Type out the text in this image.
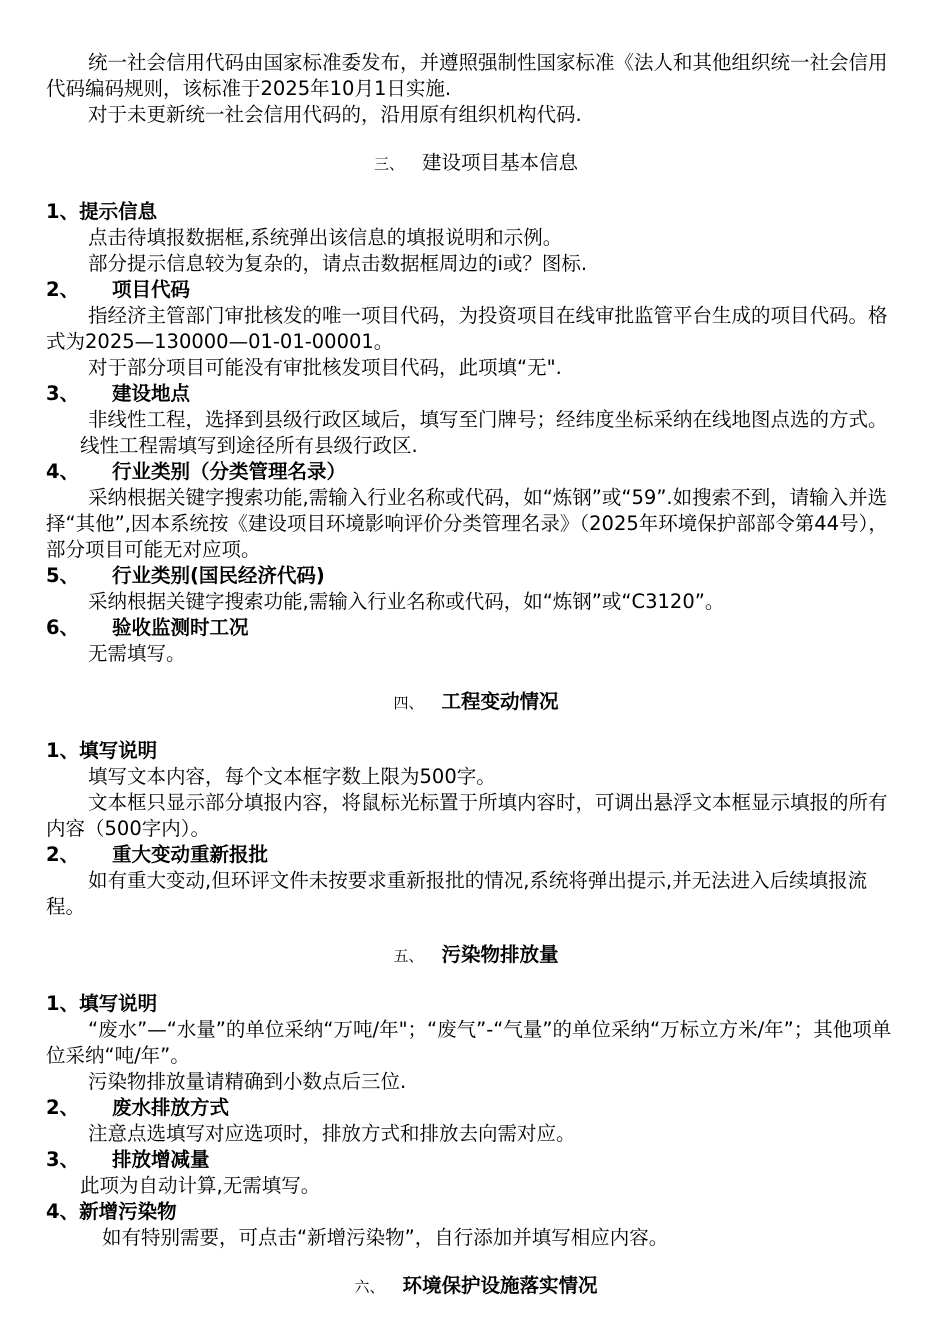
统一社会信用代码由国家标准委发布，并遵照强制性国家标准《法人和其他组织统一社会信用代码编码规则，该标准于2025年10月1日实施.

对于未更新统一社会信用代码的，沿用原有组织机构代码.

三、 建设项目基本信息

1、提示信息

点击待填报数据框,系统弹出该信息的填报说明和示例。

部分提示信息较为复杂的，请点击数据框周边的ⅰ或？图标.

2、 项目代码

指经济主管部门审批核发的唯一项目代码，为投资项目在线审批监管平台生成的项目代码。格式为2025—130000—01-01-00001。

对于部分项目可能没有审批核发项目代码，此项填“无".

3、 建设地点

非线性工程，选择到县级行政区域后，填写至门牌号；经纬度坐标采纳在线地图点选的方式。

线性工程需填写到途径所有县级行政区.

4、 行业类别（分类管理名录）

采纳根据关键字搜索功能,需输入行业名称或代码，如“炼钢”或“59”.如搜索不到，请输入并选择“其他”,因本系统按《建设项目环境影响评价分类管理名录》（2025年环境保护部部令第44号），部分项目可能无对应项。

5、 行业类别(国民经济代码)

采纳根据关键字搜索功能,需输入行业名称或代码，如“炼钢”或“C3120”。

6、 验收监测时工况

无需填写。

四、 工程变动情况

1、填写说明

填写文本内容，每个文本框字数上限为500字。

文本框只显示部分填报内容，将鼠标光标置于所填内容时，可调出悬浮文本框显示填报的所有内容（500字内）。

2、 重大变动重新报批

如有重大变动,但环评文件未按要求重新报批的情况,系统将弹出提示,并无法进入后续填报流程。

五、 污染物排放量

1、填写说明

“废水”—“水量”的单位采纳“万吨/年"；“废气”-“气量”的单位采纳“万标立方米/年”；其他项单位采纳“吨/年”。

污染物排放量请精确到小数点后三位.

2、 废水排放方式

注意点选填写对应选项时，排放方式和排放去向需对应。

3、 排放增减量

此项为自动计算,无需填写。

4、新增污染物

如有特别需要，可点击“新增污染物”，自行添加并填写相应内容。

六、 环境保护设施落实情况
